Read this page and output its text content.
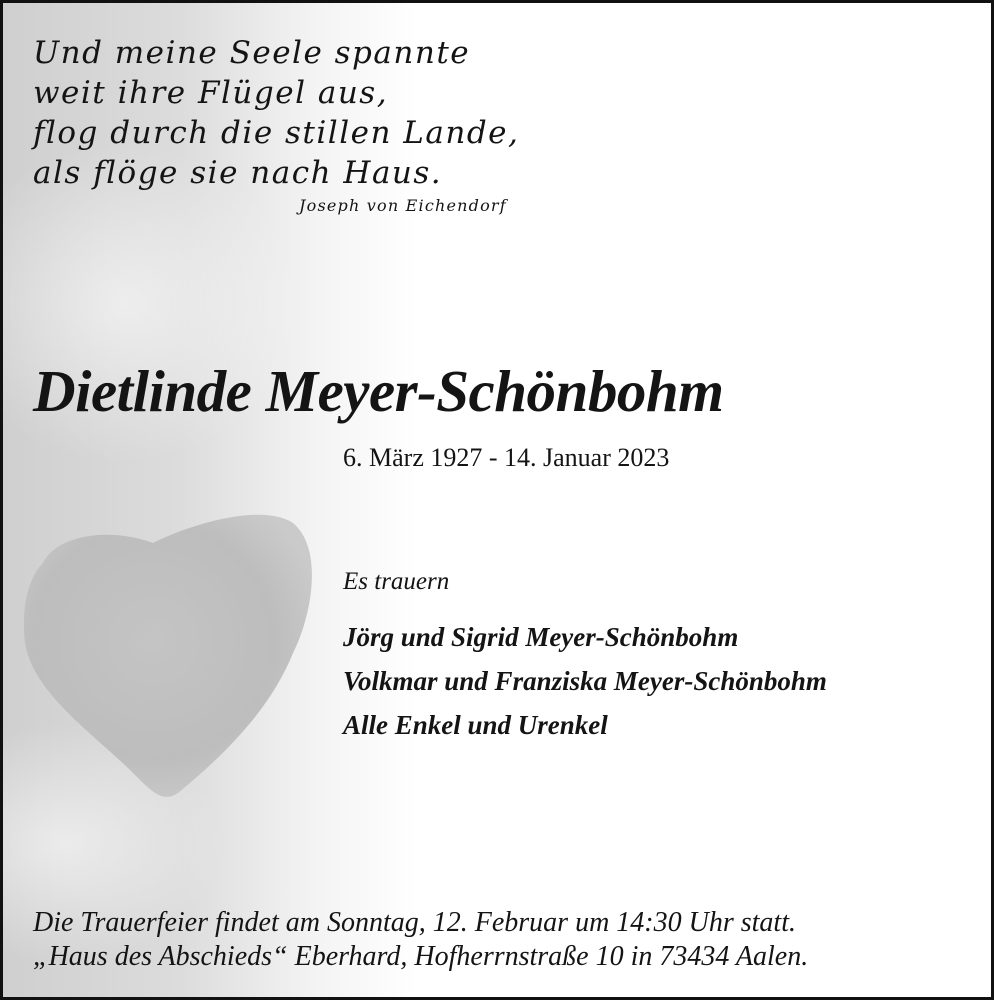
Und meine Seele spannte
weit ihre Flügel aus,
flog durch die stillen Lande,
als flöge sie nach Haus.
Joseph von Eichendorf
Dietlinde Meyer-Schönbohm
6. März 1927 - 14. Januar 2023
Es trauern
Jörg und Sigrid Meyer-Schönbohm
Volkmar und Franziska Meyer-Schönbohm
Alle Enkel und Urenkel
Die Trauerfeier findet am Sonntag, 12. Februar um 14:30 Uhr statt.
„Haus des Abschieds“ Eberhard, Hofherrnstraße 10 in 73434 Aalen.
